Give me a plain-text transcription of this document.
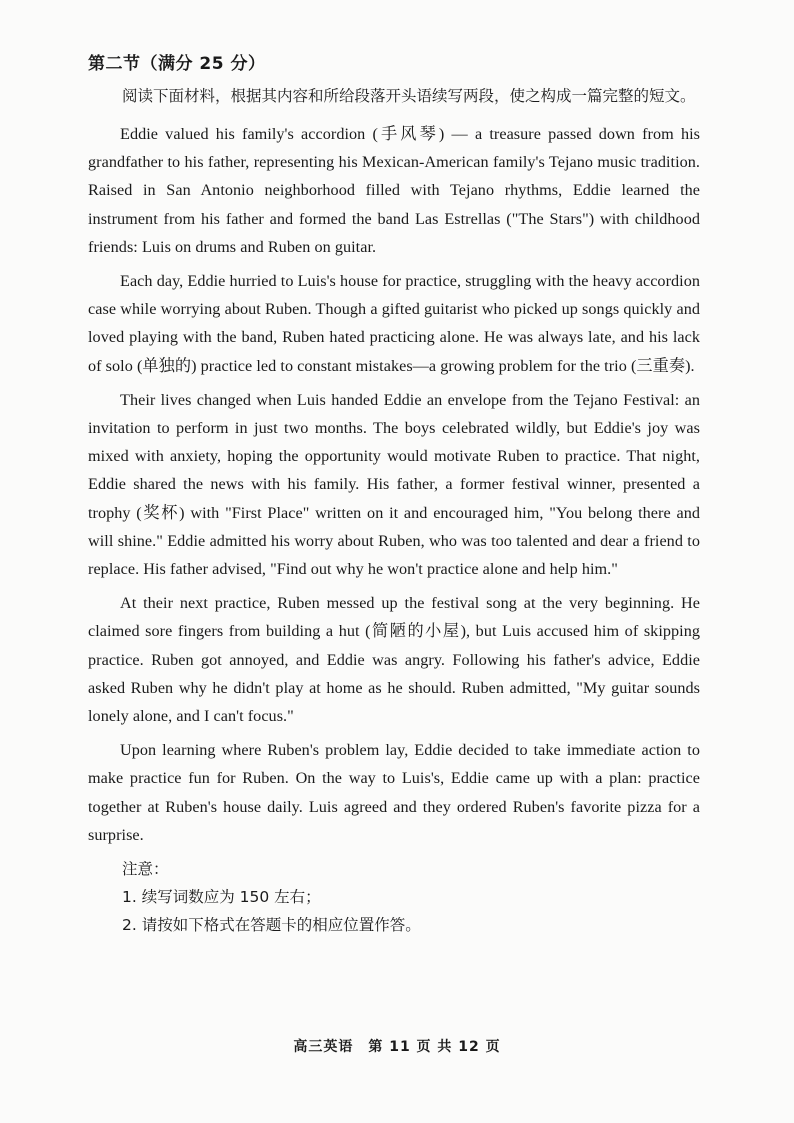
第二节（满分 25 分）

阅读下面材料，根据其内容和所给段落开头语续写两段，使之构成一篇完整的短文。

Eddie valued his family's accordion (手风琴) — a treasure passed down from his grandfather to his father, representing his Mexican-American family's Tejano music tradition. Raised in San Antonio neighborhood filled with Tejano rhythms, Eddie learned the instrument from his father and formed the band Las Estrellas ("The Stars") with childhood friends: Luis on drums and Ruben on guitar.

Each day, Eddie hurried to Luis's house for practice, struggling with the heavy accordion case while worrying about Ruben. Though a gifted guitarist who picked up songs quickly and loved playing with the band, Ruben hated practicing alone. He was always late, and his lack of solo (单独的) practice led to constant mistakes—a growing problem for the trio (三重奏).

Their lives changed when Luis handed Eddie an envelope from the Tejano Festival: an invitation to perform in just two months. The boys celebrated wildly, but Eddie's joy was mixed with anxiety, hoping the opportunity would motivate Ruben to practice. That night, Eddie shared the news with his family. His father, a former festival winner, presented a trophy (奖杯) with "First Place" written on it and encouraged him, "You belong there and will shine." Eddie admitted his worry about Ruben, who was too talented and dear a friend to replace. His father advised, "Find out why he won't practice alone and help him."

At their next practice, Ruben messed up the festival song at the very beginning. He claimed sore fingers from building a hut (简陋的小屋), but Luis accused him of skipping practice. Ruben got annoyed, and Eddie was angry. Following his father's advice, Eddie asked Ruben why he didn't play at home as he should. Ruben admitted, "My guitar sounds lonely alone, and I can't focus."

Upon learning where Ruben's problem lay, Eddie decided to take immediate action to make practice fun for Ruben. On the way to Luis's, Eddie came up with a plan: practice together at Ruben's house daily. Luis agreed and they ordered Ruben's favorite pizza for a surprise.

注意：
1. 续写词数应为 150 左右；
2. 请按如下格式在答题卡的相应位置作答。
高三英语　第 11 页 共 12 页
